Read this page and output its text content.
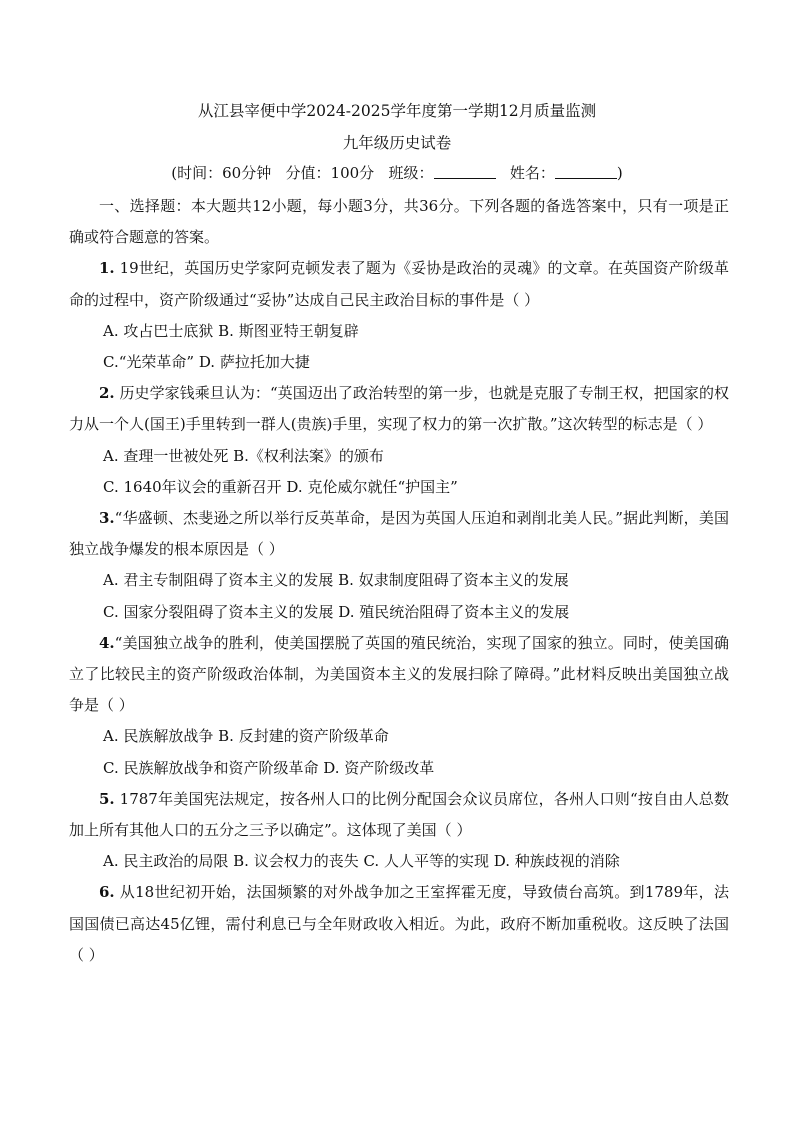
从江县宰便中学2024-2025学年度第一学期12月质量监测
九年级历史试卷
(时间：60分钟 分值：100分 班级：	姓名：	)

一、选择题：本大题共12小题，每小题3分，共36分。下列各题的备选答案中，只有一项是正确或符合题意的答案。

1. 19世纪，英国历史学家阿克顿发表了题为《妥协是政治的灵魂》的文章。在英国资产阶级革命的过程中，资产阶级通过“妥协”达成自己民主政治目标的事件是（ ）

A. 攻占巴士底狱 B. 斯图亚特王朝复辟

C.“光荣革命” D. 萨拉托加大捷

2. 历史学家钱乘旦认为：“英国迈出了政治转型的第一步，也就是克服了专制王权，把国家的权力从一个人(国王)手里转到一群人(贵族)手里，实现了权力的第一次扩散。”这次转型的标志是（ ）

A. 查理一世被处死 B.《权利法案》的颁布

C. 1640年议会的重新召开 D. 克伦威尔就任“护国主”

3.“华盛顿、杰斐逊之所以举行反英革命，是因为英国人压迫和剥削北美人民。”据此判断，美国独立战争爆发的根本原因是（ ）

A. 君主专制阻碍了资本主义的发展 B. 奴隶制度阻碍了资本主义的发展

C. 国家分裂阻碍了资本主义的发展 D. 殖民统治阻碍了资本主义的发展

4.“美国独立战争的胜利，使美国摆脱了英国的殖民统治，实现了国家的独立。同时，使美国确立了比较民主的资产阶级政治体制，为美国资本主义的发展扫除了障碍。”此材料反映出美国独立战争是（ ）

A. 民族解放战争 B. 反封建的资产阶级革命

C. 民族解放战争和资产阶级革命 D. 资产阶级改革

5. 1787年美国宪法规定，按各州人口的比例分配国会众议员席位，各州人口则“按自由人总数加上所有其他人口的五分之三予以确定”。这体现了美国（ ）

A. 民主政治的局限 B. 议会权力的丧失 C. 人人平等的实现 D. 种族歧视的消除

6. 从18世纪初开始，法国频繁的对外战争加之王室挥霍无度，导致债台高筑。到1789年，法国国债已高达45亿锂，需付利息已与全年财政收入相近。为此，政府不断加重税收。这反映了法国（ ）
